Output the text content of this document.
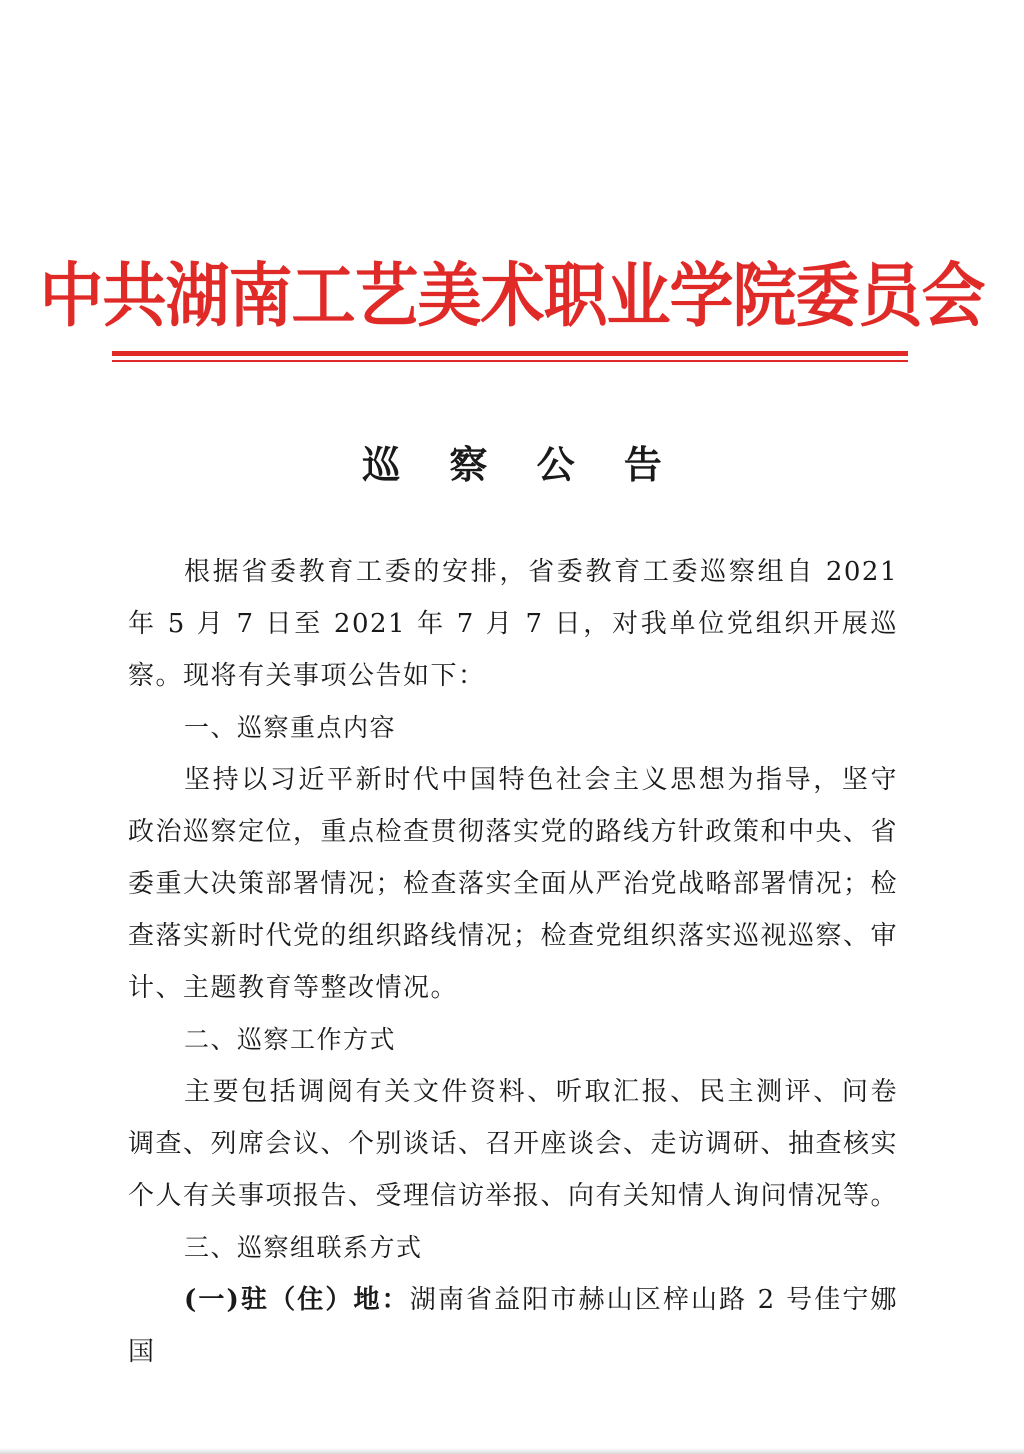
中共湖南工艺美术职业学院委员会
巡 察 公 告

根据省委教育工委的安排，省委教育工委巡察组自 2021 年 5 月 7 日至 2021 年 7 月 7 日，对我单位党组织开展巡察。现将有关事项公告如下：

一、巡察重点内容

坚持以习近平新时代中国特色社会主义思想为指导，坚守政治巡察定位，重点检查贯彻落实党的路线方针政策和中央、省委重大决策部署情况；检查落实全面从严治党战略部署情况；检查落实新时代党的组织路线情况；检查党组织落实巡视巡察、审计、主题教育等整改情况。

二、巡察工作方式

主要包括调阅有关文件资料、听取汇报、民主测评、问卷调查、列席会议、个别谈话、召开座谈会、走访调研、抽查核实个人有关事项报告、受理信访举报、向有关知情人询问情况等。

三、巡察组联系方式

(一)驻（住）地：湖南省益阳市赫山区梓山路 2 号佳宁娜国
